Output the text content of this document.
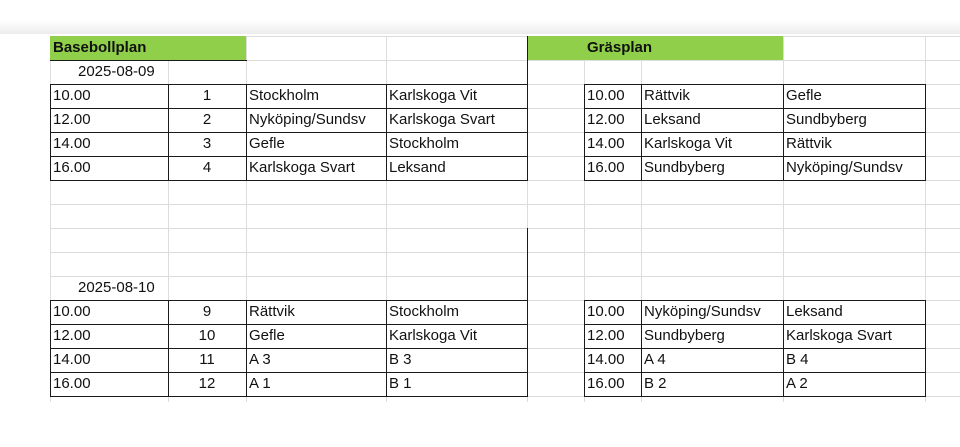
Basebollplan	Gräsplan
2025-08-09
2025-08-10
10.00	1	Stockholm	Karlskoga Vit
12.00	2	Nyköping/Sundsv	Karlskoga Svart
14.00	3	Gefle	Stockholm
16.00	4	Karlskoga Svart	Leksand
10.00	9	Rättvik	Stockholm
12.00	10	Gefle	Karlskoga Vit
14.00	11	A 3	B 3
16.00	12	A 1	B 1
10.00	Rättvik	Gefle
12.00	Leksand	Sundbyberg
14.00	Karlskoga Vit	Rättvik
16.00	Sundbyberg	Nyköping/Sundsv
10.00	Nyköping/Sundsv	Leksand
12.00	Sundbyberg	Karlskoga Svart
14.00	A 4	B 4
16.00	B 2	A 2
